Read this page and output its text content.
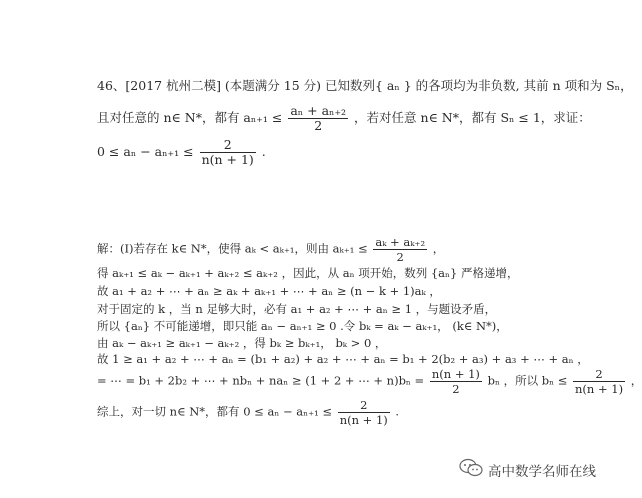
46、[2017 杭州二模] (本题满分 15 分) 已知数列{ aₙ } 的各项均为非负数, 其前 n 项和为 Sₙ，
且对任意的 n∈ N*，都有 $a_{n+1} \le \frac{\text{aₙ + aₙ₊₂}}{2}$ ，若对任意 n∈ N*，都有 Sₙ ≤ 1，求证：
$0 \le a_n - a_{n+1} \le \frac{2}{n(n + 1)}$ .
解：(I)若存在 k∈ N*，使得 aₖ < aₖ₊₁，则由 $a_{k+1} \le \frac{\text{aₖ + aₖ₊₂}}{2}$ ，
得 aₖ₊₁ ≤ aₖ − aₖ₊₁ + aₖ₊₂ ≤ aₖ₊₂ ，因此，从 aₙ 项开始，数列 {aₙ} 严格递增，
故 a₁ + a₂ + ⋯ + aₙ ≥ aₖ + aₖ₊₁ + ⋯ + aₙ ≥ (n − k + 1)aₖ ，
对于固定的 k ，当 n 足够大时，必有 a₁ + a₂ + ⋯ + aₙ ≥ 1 ，与题设矛盾，
所以 {aₙ} 不可能递增，即只能 aₙ − aₙ₊₁ ≥ 0 .令 bₖ = aₖ − aₖ₊₁， (k∈ N*)，
由 aₖ − aₖ₊₁ ≥ aₖ₊₁ − aₖ₊₂ ，得 bₖ ≥ bₖ₊₁， bₖ > 0 ，
故 1 ≥ a₁ + a₂ + ⋯ + aₙ = (b₁ + a₂) + a₂ + ⋯ + aₙ = b₁ + 2(b₂ + a₃) + a₃ + ⋯ + aₙ ，
= ⋯ = b₁ + 2b₂ + ⋯ + nbₙ + naₙ ≥ (1 + 2 + ⋯ + $n)b_n = \frac{n(n + 1)}{2}$ bₙ ，所以 $b_n \le \frac{2}{n(n + 1)}$ ，
综上，对一切 n∈ N*，都有 $0 \le a_n - a_{n+1} \le \frac{2}{n(n + 1)}$ .
高中数学名师在线
